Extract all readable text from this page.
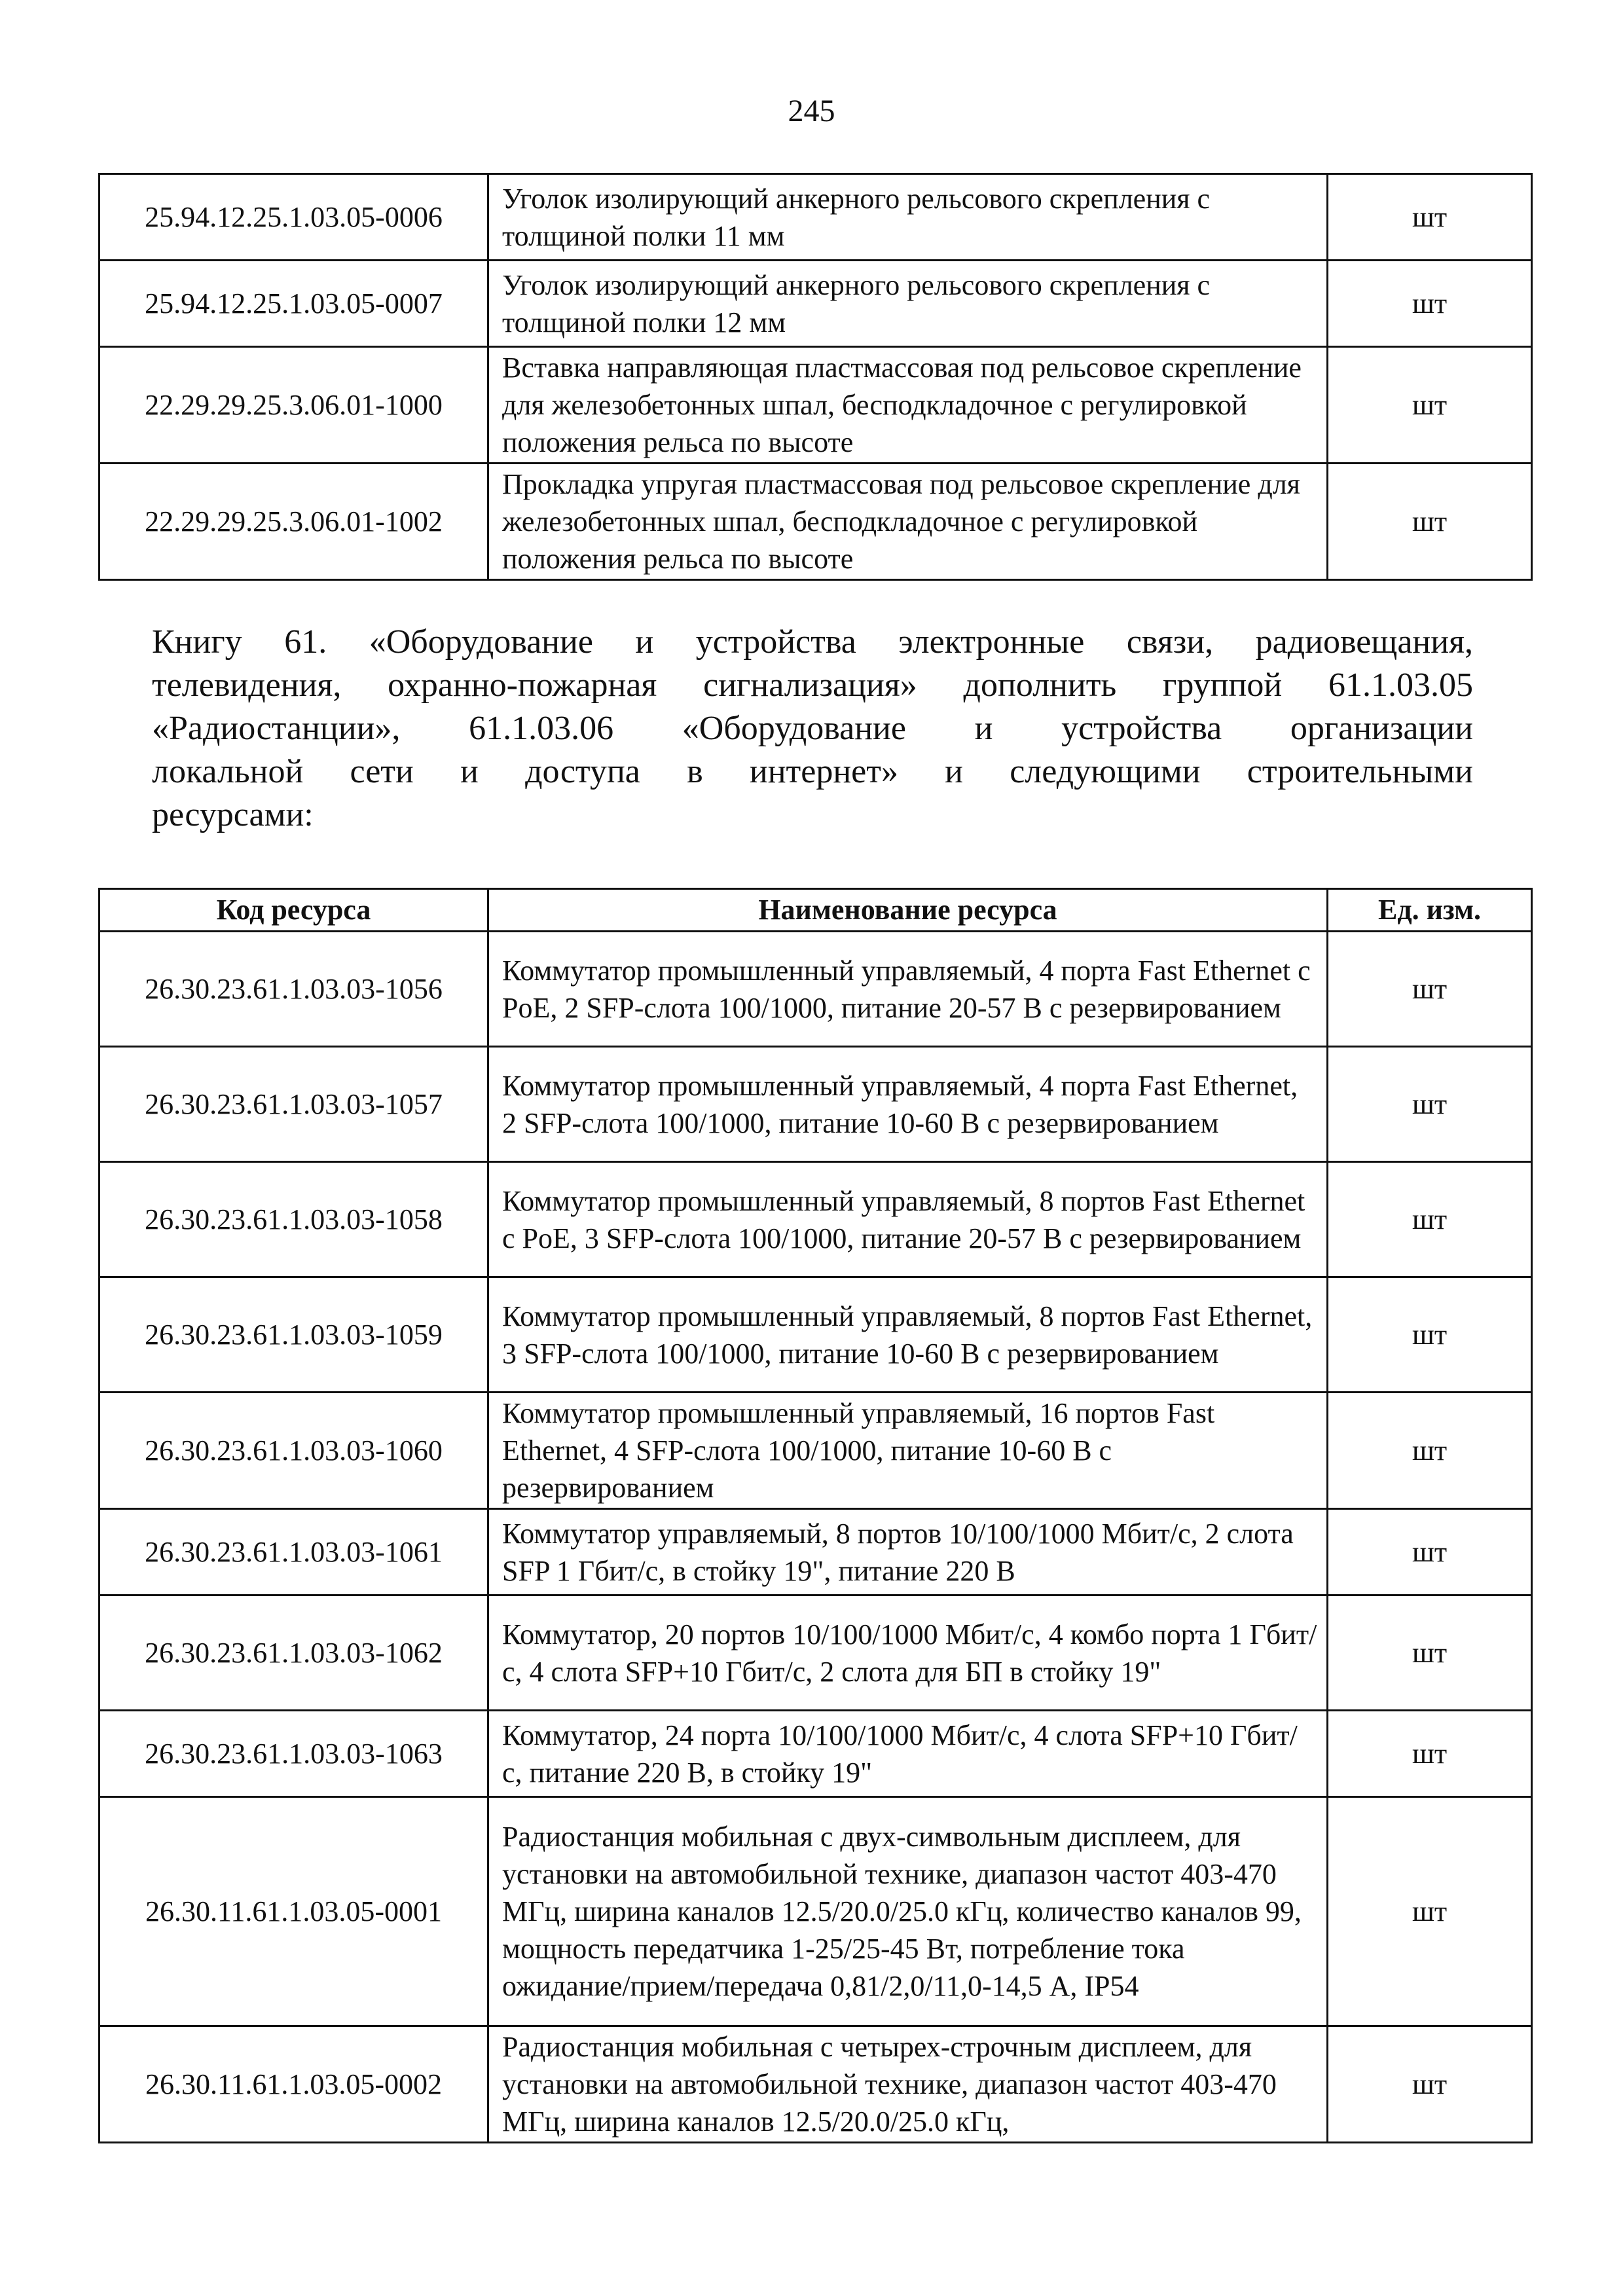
245
25.94.12.25.1.03.05-0006	Уголок изолирующий анкерного рельсового скрепления с толщиной полки 11 мм	шт
25.94.12.25.1.03.05-0007	Уголок изолирующий анкерного рельсового скрепления с толщиной полки 12 мм	шт
22.29.29.25.3.06.01-1000	Вставка направляющая пластмассовая под рельсовое скрепление для железобетонных шпал, бесподкладочное с регулировкой положения рельса по высоте	шт
22.29.29.25.3.06.01-1002	Прокладка упругая пластмассовая под рельсовое скрепление для железобетонных шпал, бесподкладочное с регулировкой положения рельса по высоте	шт

Книгу 61. «Оборудование и устройства электронные связи, радиовещания,
телевидения, охранно-пожарная сигнализация» дополнить группой 61.1.03.05
«Радиостанции», 61.1.03.06 «Оборудование и устройства организации
локальной сети и доступа в интернет» и следующими строительными
ресурсами:

Код ресурса	Наименование ресурса	Ед. изм.
26.30.23.61.1.03.03-1056	Коммутатор промышленный управляемый, 4 порта Fast Ethernet с PoE, 2 SFP-слота 100/1000, питание 20-57 В с резервированием	шт
26.30.23.61.1.03.03-1057	Коммутатор промышленный управляемый, 4 порта Fast Ethernet, 2 SFP-слота 100/1000, питание 10-60 В с резервированием	шт
26.30.23.61.1.03.03-1058	Коммутатор промышленный управляемый, 8 портов Fast Ethernet с PoE, 3 SFP-слота 100/1000, питание 20-57 В с резервированием	шт
26.30.23.61.1.03.03-1059	Коммутатор промышленный управляемый, 8 портов Fast Ethernet, 3 SFP-слота 100/1000, питание 10-60 В с резервированием	шт
26.30.23.61.1.03.03-1060	Коммутатор промышленный управляемый, 16 портов Fast Ethernet, 4 SFP-слота 100/1000, питание 10-60 В с резервированием	шт
26.30.23.61.1.03.03-1061	Коммутатор управляемый, 8 портов 10/100/1000 Мбит/с, 2 слота SFP 1 Гбит/с, в стойку 19", питание 220 В	шт
26.30.23.61.1.03.03-1062	Коммутатор, 20 портов 10/100/1000 Мбит/с, 4 комбо порта 1 Гбит/с, 4 слота SFP+10 Гбит/с, 2 слота для БП в стойку 19"	шт
26.30.23.61.1.03.03-1063	Коммутатор, 24 порта 10/100/1000 Мбит/с, 4 слота SFP+10 Гбит/с, питание 220 В, в стойку 19"	шт
26.30.11.61.1.03.05-0001	Радиостанция мобильная с двух-символьным дисплеем, для установки на автомобильной технике, диапазон частот 403-470 МГц, ширина каналов 12.5/20.0/25.0 кГц, количество каналов 99, мощность передатчика 1-25/25-45 Вт, потребление тока ожидание/прием/передача 0,81/2,0/11,0-14,5 А, IP54	шт
26.30.11.61.1.03.05-0002	Радиостанция мобильная с четырех-строчным дисплеем, для установки на автомобильной технике, диапазон частот 403-470 МГц, ширина каналов 12.5/20.0/25.0 кГц,	шт
